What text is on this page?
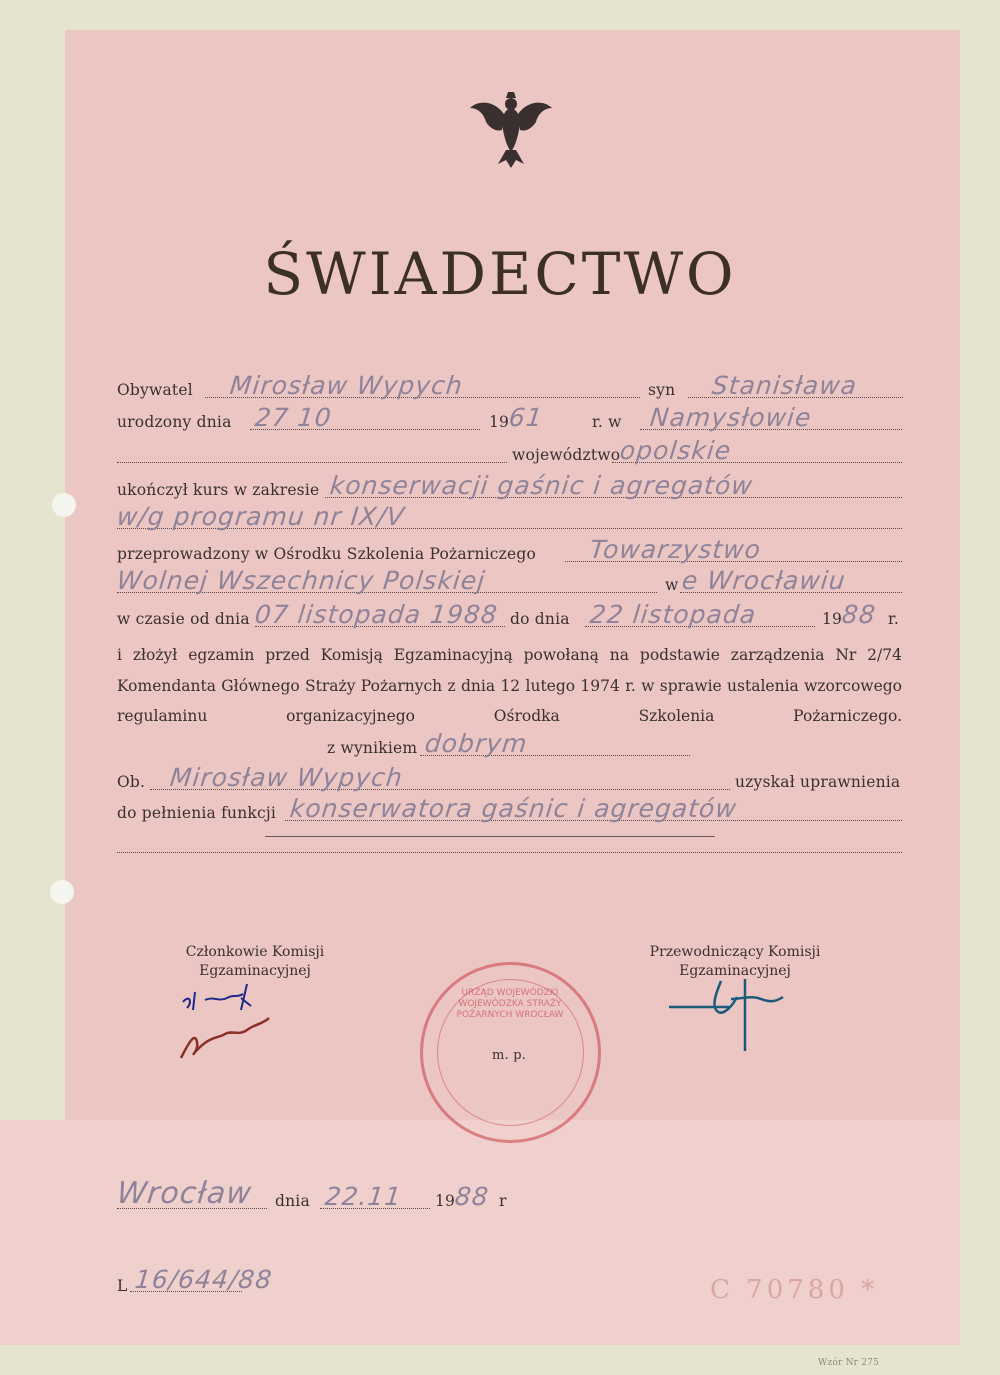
ŚWIADECTWO
Obywatel Mirosław Wypych	syn Stanisława
urodzony dnia 27 10	19
61	r. w Namysłowie
województwo
opolskie
ukończył kurs w zakresie konserwacji gaśnic i agregatów
w/g programu nr IX/V
przeprowadzony w Ośrodku Szkolenia Pożarniczego Towarzystwo
Wolnej Wszechnicy Polskiej	w e Wrocławiu
w czasie od dnia 07 listopada 1988 do dnia 22 listopada	19
88 r.
i złożył egzamin przed Komisją Egzaminacyjną powołaną na podstawie zarządzenia Nr 2/74 Komendanta Głównego Straży Pożarnych z dnia 12 lutego 1974 r. w sprawie ustalenia wzorcowego regulaminu organizacyjnego Ośrodka Szkolenia Pożarniczego.
z wynikiem dobrym
Ob. Mirosław Wypych	uzyskał uprawnienia
do pełnienia funkcji konserwatora gaśnic i agregatów
Członkowie Komisji
Egzaminacyjnej
Przewodniczący Komisji
Egzaminacyjnej
URZĄD WOJEWÓDZKI WOJEWÓDZKA STRAŻY POŻARNYCH WROCŁAW
m. p.
Wrocław dnia 22.11 19
88 r
L 16/644/88	C 70780 *
Wzór Nr 275
